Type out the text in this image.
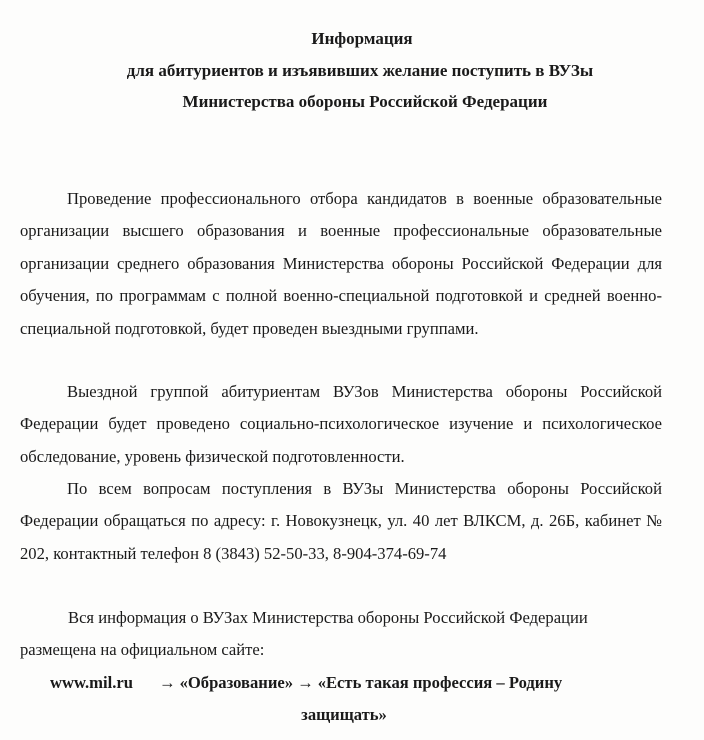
Информация
для абитуриентов и изъявивших желание поступить в ВУЗы
Министерства обороны Российской Федерации
Проведение профессионального отбора кандидатов в военные образовательные организации высшего образования и военные профессиональные образовательные организации среднего образования Министерства обороны Российской Федерации для обучения, по программам с полной военно-специальной подготовкой и средней военно-специальной подготовкой, будет проведен выездными группами.
Выездной группой абитуриентам ВУЗов Министерства обороны Российской Федерации будет проведено социально-психологическое изучение и психологическое обследование, уровень физической подготовленности.
По всем вопросам поступления в ВУЗы Министерства обороны Российской Федерации обращаться по адресу: г. Новокузнецк, ул. 40 лет ВЛКСМ, д. 26Б, кабинет № 202, контактный телефон 8 (3843) 52-50-33, 8-904-374-69-74
Вся информация о ВУЗах Министерства обороны Российской Федерации
размещена на официальном сайте:
www.mil.ru → «Образование» → «Есть такая профессия – Родину
защищать»
